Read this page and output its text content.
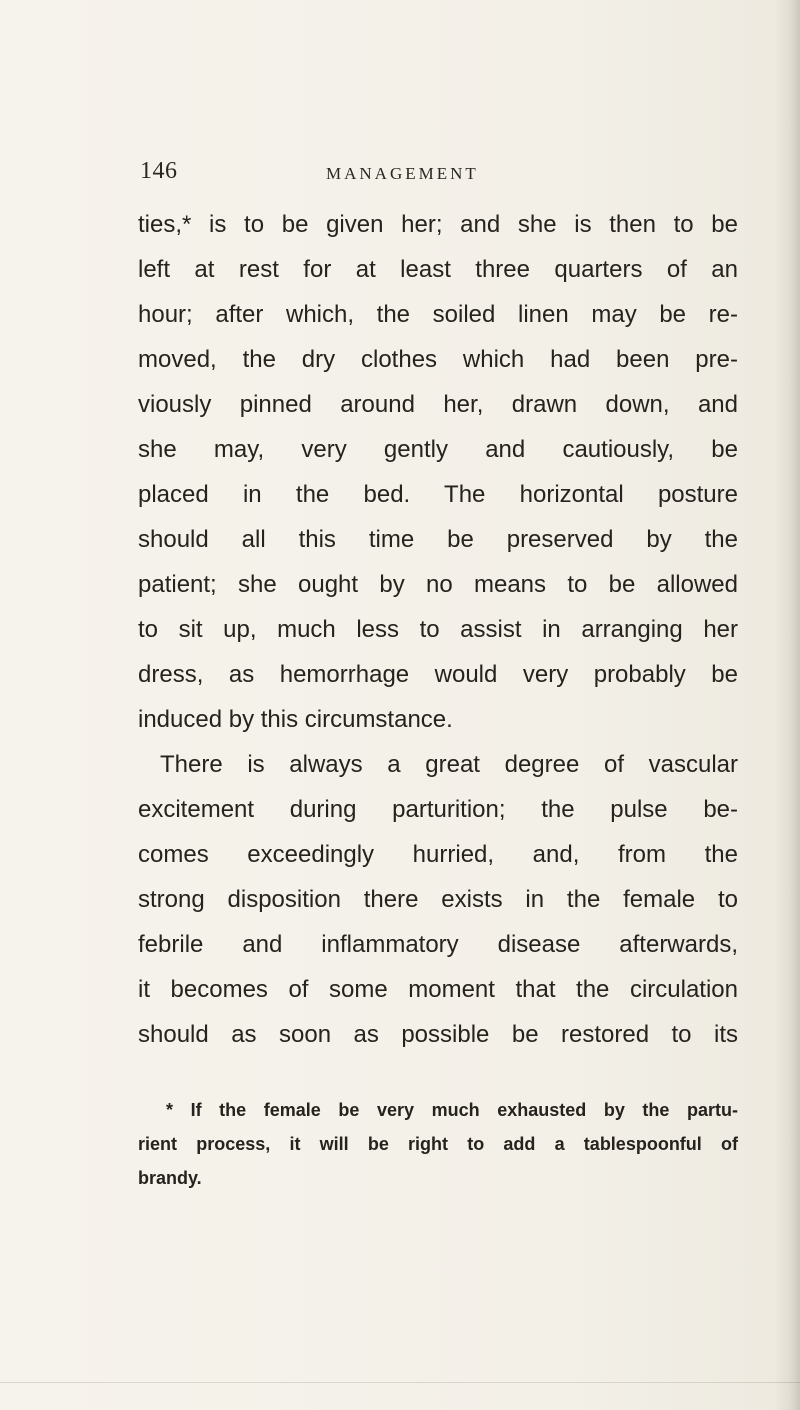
146	MANAGEMENT
ties,* is to be given her; and she is then to be
left at rest for at least three quarters of an
hour; after which, the soiled linen may be re-
moved, the dry clothes which had been pre-
viously pinned around her, drawn down, and
she may, very gently and cautiously, be
placed in the bed. The horizontal posture
should all this time be preserved by the
patient; she ought by no means to be allowed
to sit up, much less to assist in arranging her
dress, as hemorrhage would very probably be
induced by this circumstance.
There is always a great degree of vascular
excitement during parturition; the pulse be-
comes exceedingly hurried, and, from the
strong disposition there exists in the female to
febrile and inflammatory disease afterwards,
it becomes of some moment that the circulation
should as soon as possible be restored to its
* If the female be very much exhausted by the partu-
rient process, it will be right to add a tablespoonful of
brandy.
